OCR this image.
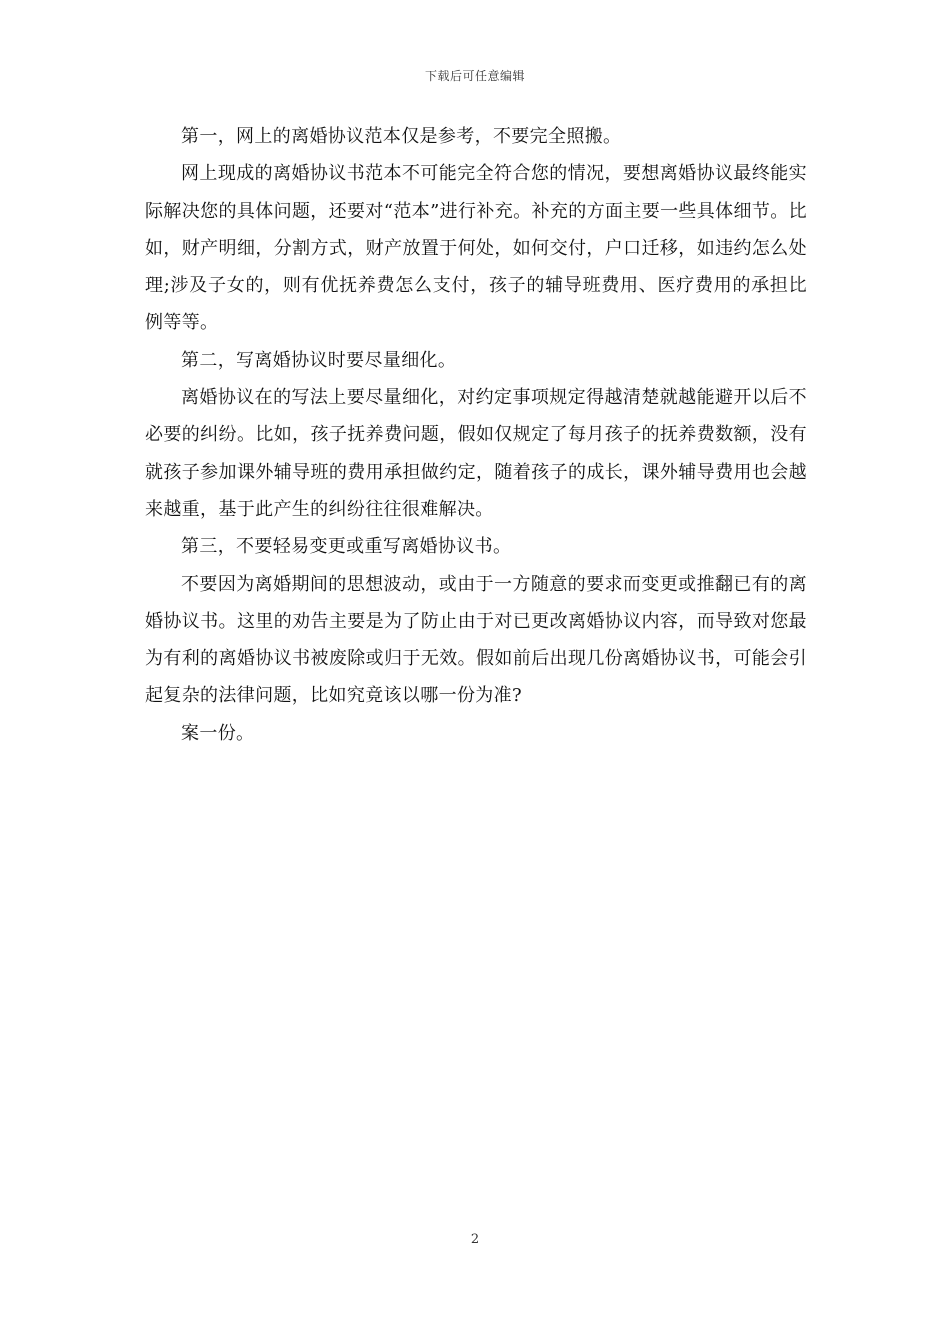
下载后可任意编辑

第一，网上的离婚协议范本仅是参考，不要完全照搬。

网上现成的离婚协议书范本不可能完全符合您的情况，要想离婚协议最终能实际解决您的具体问题，还要对“范本”进行补充。补充的方面主要一些具体细节。比如，财产明细，分割方式，财产放置于何处，如何交付，户口迁移，如违约怎么处理;涉及子女的，则有优抚养费怎么支付，孩子的辅导班费用、医疗费用的承担比例等等。

第二，写离婚协议时要尽量细化。

离婚协议在的写法上要尽量细化，对约定事项规定得越清楚就越能避开以后不必要的纠纷。比如，孩子抚养费问题，假如仅规定了每月孩子的抚养费数额，没有就孩子参加课外辅导班的费用承担做约定，随着孩子的成长，课外辅导费用也会越来越重，基于此产生的纠纷往往很难解决。

第三，不要轻易变更或重写离婚协议书。

不要因为离婚期间的思想波动，或由于一方随意的要求而变更或推翻已有的离婚协议书。这里的劝告主要是为了防止由于对已更改离婚协议内容，而导致对您最为有利的离婚协议书被废除或归于无效。假如前后出现几份离婚协议书，可能会引起复杂的法律问题，比如究竟该以哪一份为准?

案一份。

2
